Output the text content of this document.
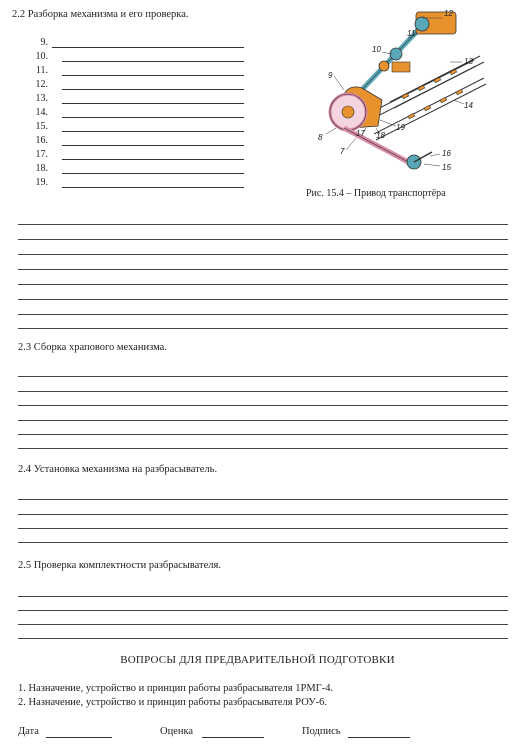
2.2 Разборка механизма и его проверка.
9.
10.
11.
12.
13.
14.
15.
16.
17.
18.
19.
12
11
10
9
13
14
8	17 18
19
7	16
15
Рис. 15.4 – Привод транспортёра
2.3 Сборка храпового механизма.
2.4 Установка механизма на разбрасыватель.
2.5 Проверка комплектности разбрасывателя.
ВОПРОСЫ ДЛЯ ПРЕДВАРИТЕЛЬНОЙ ПОДГОТОВКИ
1. Назначение, устройство и принцип работы разбрасывателя 1РМГ-4.
2. Назначение, устройство и принцип работы разбрасывателя РОУ-6.
Дата	Оценка	Подпись
